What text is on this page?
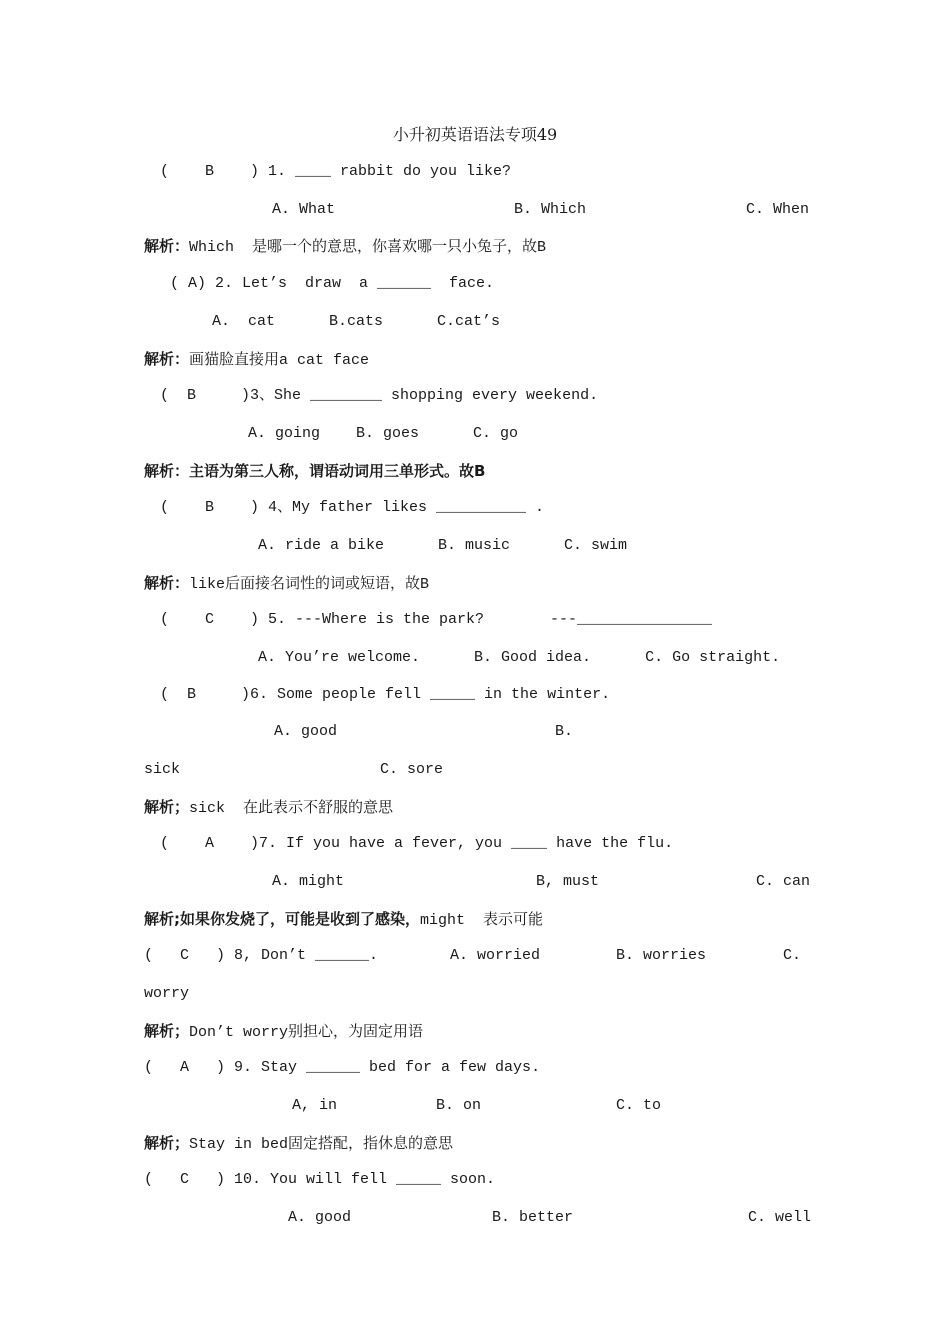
小升初英语语法专项49
(    B    ) 1. ____ rabbit do you like?
A. What	B. Which	C. When
解析：Which  是哪一个的意思，你喜欢哪一只小兔子，故B
( A) 2. Let’s  draw  a ______  face.
A.  cat      B.cats      C.cat’s
解析：画猫脸直接用a cat face
(  B     )3、She ________ shopping every weekend.
A. going    B. goes      C. go
解析：主语为第三人称，谓语动词用三单形式。故B
(    B    ) 4、My father likes __________ .
A. ride a bike      B. music      C. swim
解析：like后面接名词性的词或短语，故B
(    C    ) 5. ---Where is the park?	---_______________
A. You’re welcome.      B. Good idea.      C. Go straight.
(  B     )6. Some people fell _____ in the winter.
A. good	B.
sick	C. sore
解析；sick  在此表示不舒服的意思
(    A    )7. If you have a fever, you ____ have the flu.
A. might	B, must	C. can
解析;如果你发烧了，可能是收到了感染，might  表示可能
(   C   ) 8, Don’t ______.	A. worried	B. worries	C.
worry
解析；Don’t worry别担心，为固定用语
(   A   ) 9. Stay ______ bed for a few days.
A, in           B. on               C. to
解析；Stay in bed固定搭配，指休息的意思
(   C   ) 10. You will fell _____ soon.
A. good	B. better	C. well
